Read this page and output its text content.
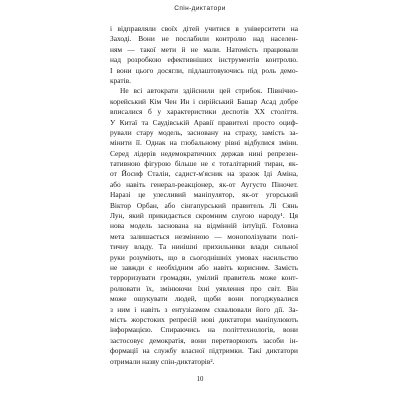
Спін-диктатори
і відправляли своїх дітей учитися в університети на
Заході. Вони не послабили контролю над населен-
ням — такої мети й не мали. Натомість працювали
над розробкою ефективніших інструментів контролю.
І вони цього досягли, підлаштовуючись під роль демо-
кратів.
Не всі автократи здійснили цей стрибок. Північно-
корейський Кім Чен Ин і сирійський Башар Асад добре
вписалися б у характеристики деспотів ХХ століття.
У Китаї та Саудівській Аравії правителі просто оциф-
рували стару модель, засновану на страху, замість за-
мінити її. Однак на глобальному рівні відбулися зміни.
Серед лідерів недемократичних держав нині репрезен-
тативною фігурою більше не є тоталітарний тиран, як-
от Йосиф Сталін, садист-м'ясник на зразок Іді Аміна,
або навіть генерал-реакціонер, як-от Аугусто Піночет.
Наразі це улесливий маніпулятор, як-от угорський
Віктор Орбан, або сінгапурський правитель Лі Сянь
Лун, який прикидається скромним слугою народу¹. Ця
нова модель заснована на відмінній інтуїції. Головна
мета залишається незмінною — монополізувати полі-
тичну владу. Та нинішні прихильники влади сильної
руки розуміють, що в сьогоднішніх умовах насильство
не завжди є необхідним або навіть корисним. Замість
терроризувати громадян, умілий правитель може конт-
ролювати їх, змінюючи їхні уявлення про світ. Він
може ошукувати людей, щоби вони погоджувалися
з ним і навіть з ентузіазмом схвалювали його дії. За-
мість жорстоких репресій нові диктатори маніпулюють
інформацією. Спираючись на політтехнологів, вони
застосовує демократія, вони перетворюють засоби ін-
формації на службу власної підтримки. Такі диктатори
отримали назву спін-диктаторів².
10
